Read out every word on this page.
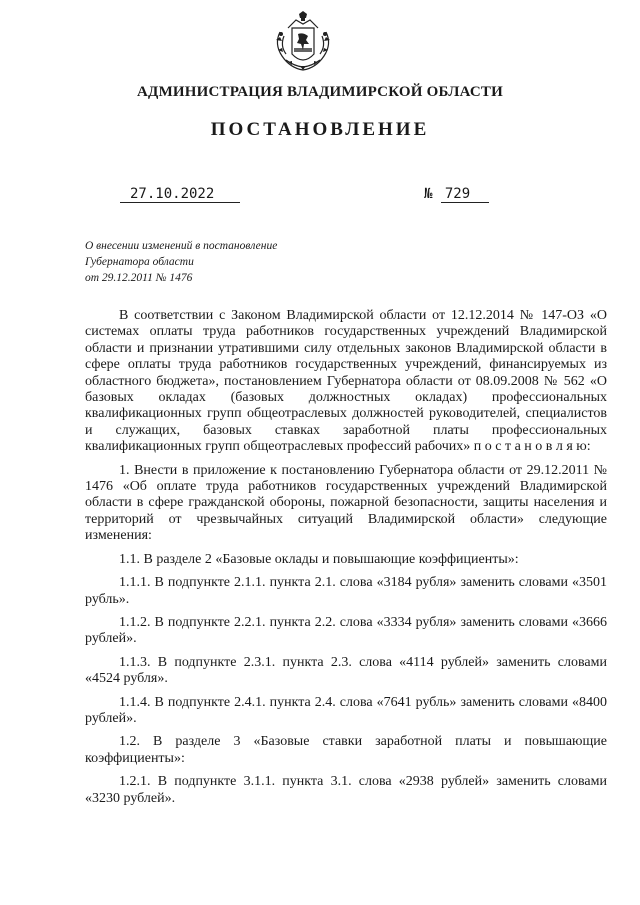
АДМИНИСТРАЦИЯ ВЛАДИМИРСКОЙ ОБЛАСТИ
ПОСТАНОВЛЕНИЕ
27.10.2022	№ 729
О внесении изменений в постановление
Губернатора области
от 29.12.2011 № 1476

В соответствии с Законом Владимирской области от 12.12.2014 № 147-ОЗ «О системах оплаты труда работников государственных учреждений Владимирской области и признании утратившими силу отдельных законов Владимирской области в сфере оплаты труда работников государственных учреждений, финансируемых из областного бюджета», постановлением Губернатора области от 08.09.2008 № 562 «О базовых окладах (базовых должностных окладах) профессиональных квалификационных групп общеотраслевых должностей руководителей, специалистов и служащих, базовых ставках заработной платы профессиональных квалификационных групп общеотраслевых профессий рабочих» п о с т а н о в л я ю:

1. Внести в приложение к постановлению Губернатора области от 29.12.2011 № 1476 «Об оплате труда работников государственных учреждений Владимирской области в сфере гражданской обороны, пожарной безопасности, защиты населения и территорий от чрезвычайных ситуаций Владимирской области» следующие изменения:

1.1. В разделе 2 «Базовые оклады и повышающие коэффициенты»:

1.1.1. В подпункте 2.1.1. пункта 2.1. слова «3184 рубля» заменить словами «3501 рубль».

1.1.2. В подпункте 2.2.1. пункта 2.2. слова «3334 рубля» заменить словами «3666 рублей».

1.1.3. В подпункте 2.3.1. пункта 2.3. слова «4114 рублей» заменить словами «4524 рубля».

1.1.4. В подпункте 2.4.1. пункта 2.4. слова «7641 рубль» заменить словами «8400 рублей».

1.2. В разделе 3 «Базовые ставки заработной платы и повышающие коэффициенты»:

1.2.1. В подпункте 3.1.1. пункта 3.1. слова «2938 рублей» заменить словами «3230 рублей».
